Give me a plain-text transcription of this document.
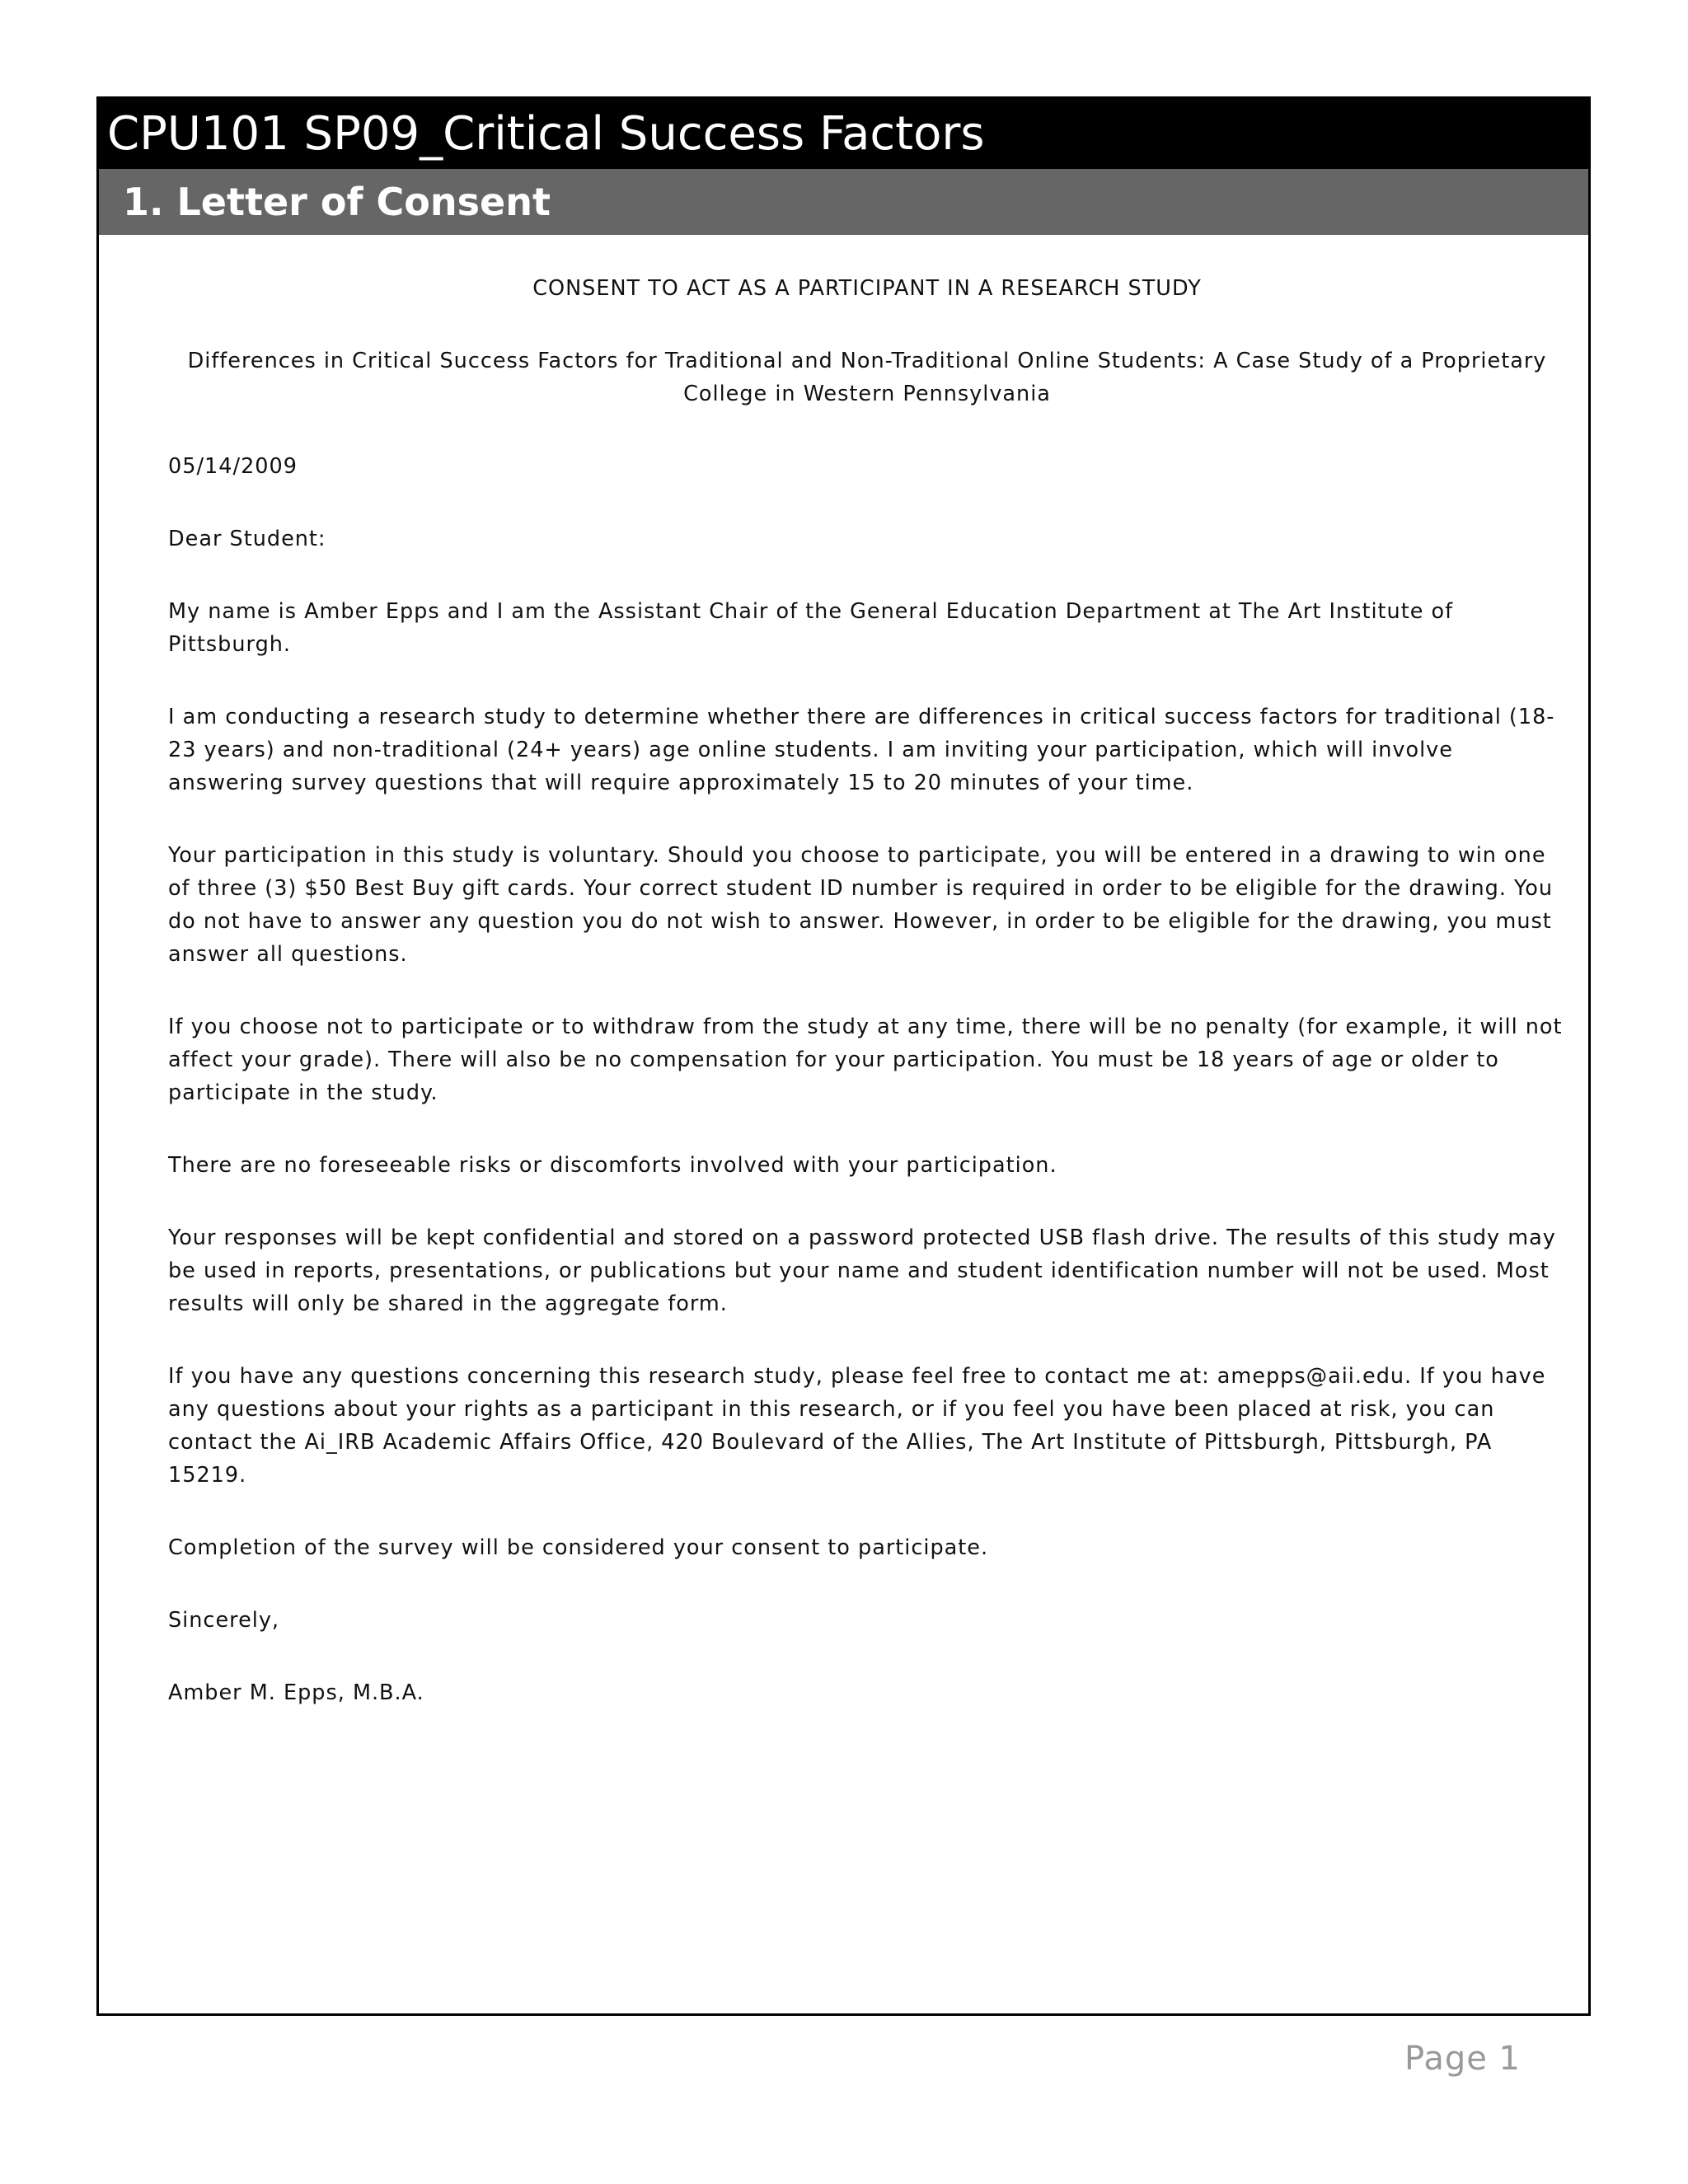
CPU101 SP09_Critical Success Factors
1. Letter of Consent

CONSENT TO ACT AS A PARTICIPANT IN A RESEARCH STUDY

Differences in Critical Success Factors for Traditional and Non-Traditional Online Students: A Case Study of a Proprietary College in Western Pennsylvania

05/14/2009

Dear Student:

My name is Amber Epps and I am the Assistant Chair of the General Education Department at The Art Institute of Pittsburgh.

I am conducting a research study to determine whether there are differences in critical success factors for traditional (18-23 years) and non-traditional (24+ years) age online students. I am inviting your participation, which will involve answering survey questions that will require approximately 15 to 20 minutes of your time.

Your participation in this study is voluntary. Should you choose to participate, you will be entered in a drawing to win one of three (3) $50 Best Buy gift cards. Your correct student ID number is required in order to be eligible for the drawing. You do not have to answer any question you do not wish to answer. However, in order to be eligible for the drawing, you must answer all questions.

If you choose not to participate or to withdraw from the study at any time, there will be no penalty (for example, it will not affect your grade). There will also be no compensation for your participation. You must be 18 years of age or older to participate in the study.

There are no foreseeable risks or discomforts involved with your participation.

Your responses will be kept confidential and stored on a password protected USB flash drive. The results of this study may be used in reports, presentations, or publications but your name and student identification number will not be used. Most results will only be shared in the aggregate form.

If you have any questions concerning this research study, please feel free to contact me at: amepps@aii.edu. If you have any questions about your rights as a participant in this research, or if you feel you have been placed at risk, you can contact the Ai_IRB Academic Affairs Office, 420 Boulevard of the Allies, The Art Institute of Pittsburgh, Pittsburgh, PA 15219.

Completion of the survey will be considered your consent to participate.

Sincerely,

Amber M. Epps, M.B.A.

Page 1
